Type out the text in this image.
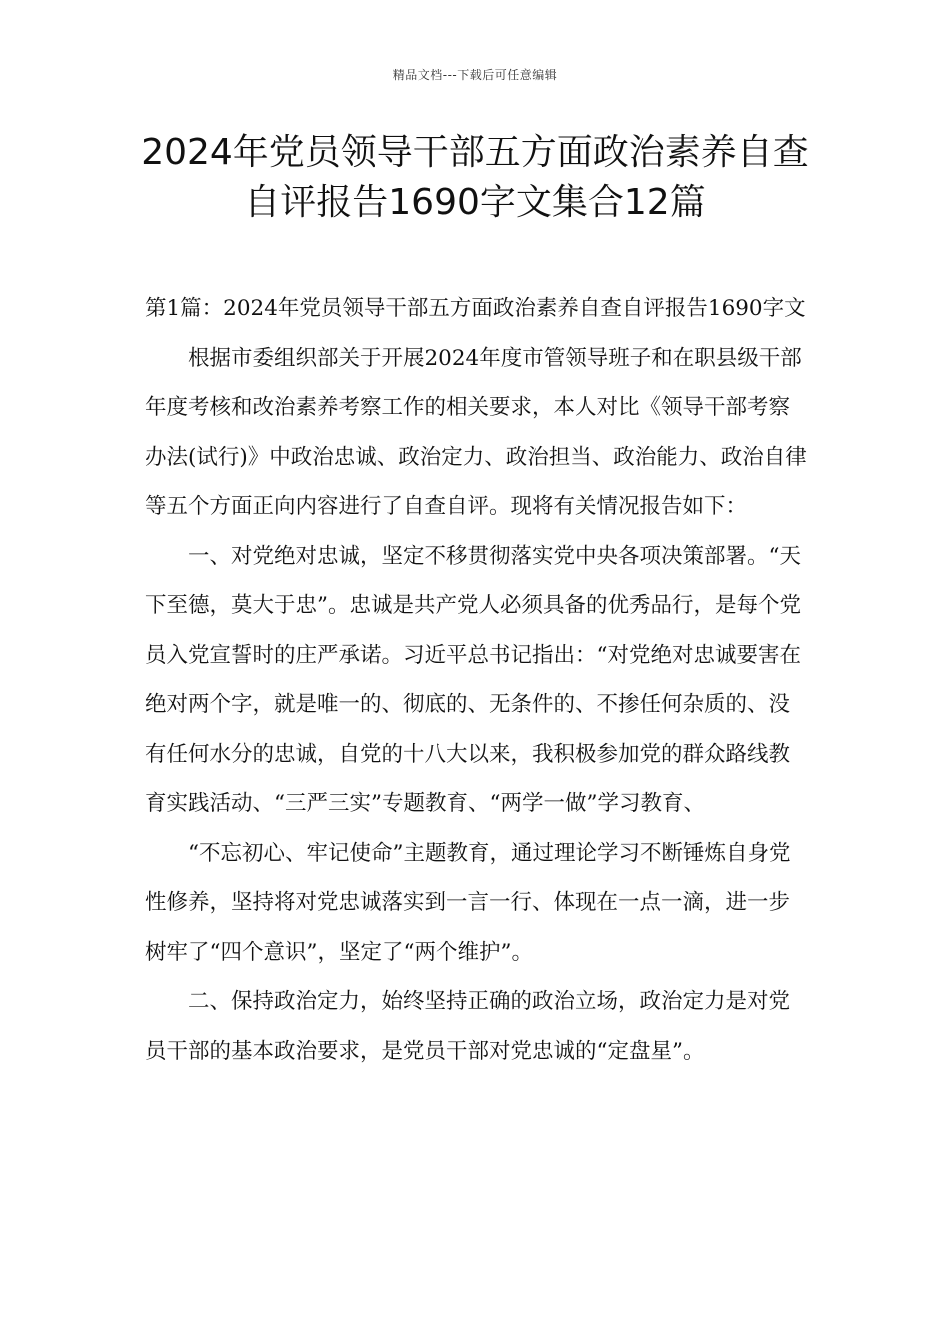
精品文档---下载后可任意编辑
2024年党员领导干部五方面政治素养自查自评报告1690字文集合12篇

第1篇：2024年党员领导干部五方面政治素养自查自评报告1690字文

根据市委组织部关于开展2024年度市管领导班子和在职县级干部年度考核和改治素养考察工作的相关要求，本人对比《领导干部考察办法(试行)》中政治忠诚、政治定力、政治担当、政治能力、政治自律等五个方面正向内容进行了自查自评。现将有关情况报告如下：

一、对党绝对忠诚，坚定不移贯彻落实党中央各项决策部署。“天下至德，莫大于忠”。忠诚是共产党人必须具备的优秀品行，是每个党员入党宣誓时的庄严承诺。习近平总书记指出：“对党绝对忠诚要害在绝对两个字，就是唯一的、彻底的、无条件的、不掺任何杂质的、没有任何水分的忠诚，自党的十八大以来，我积极参加党的群众路线教育实践活动、“三严三实”专题教育、“两学一做”学习教育、

“不忘初心、牢记使命”主题教育，通过理论学习不断锤炼自身党性修养，坚持将对党忠诚落实到一言一行、体现在一点一滴，进一步树牢了“四个意识”，坚定了“两个维护”。

二、保持政治定力，始终坚持正确的政治立场，政治定力是对党员干部的基本政治要求，是党员干部对党忠诚的“定盘星”。
